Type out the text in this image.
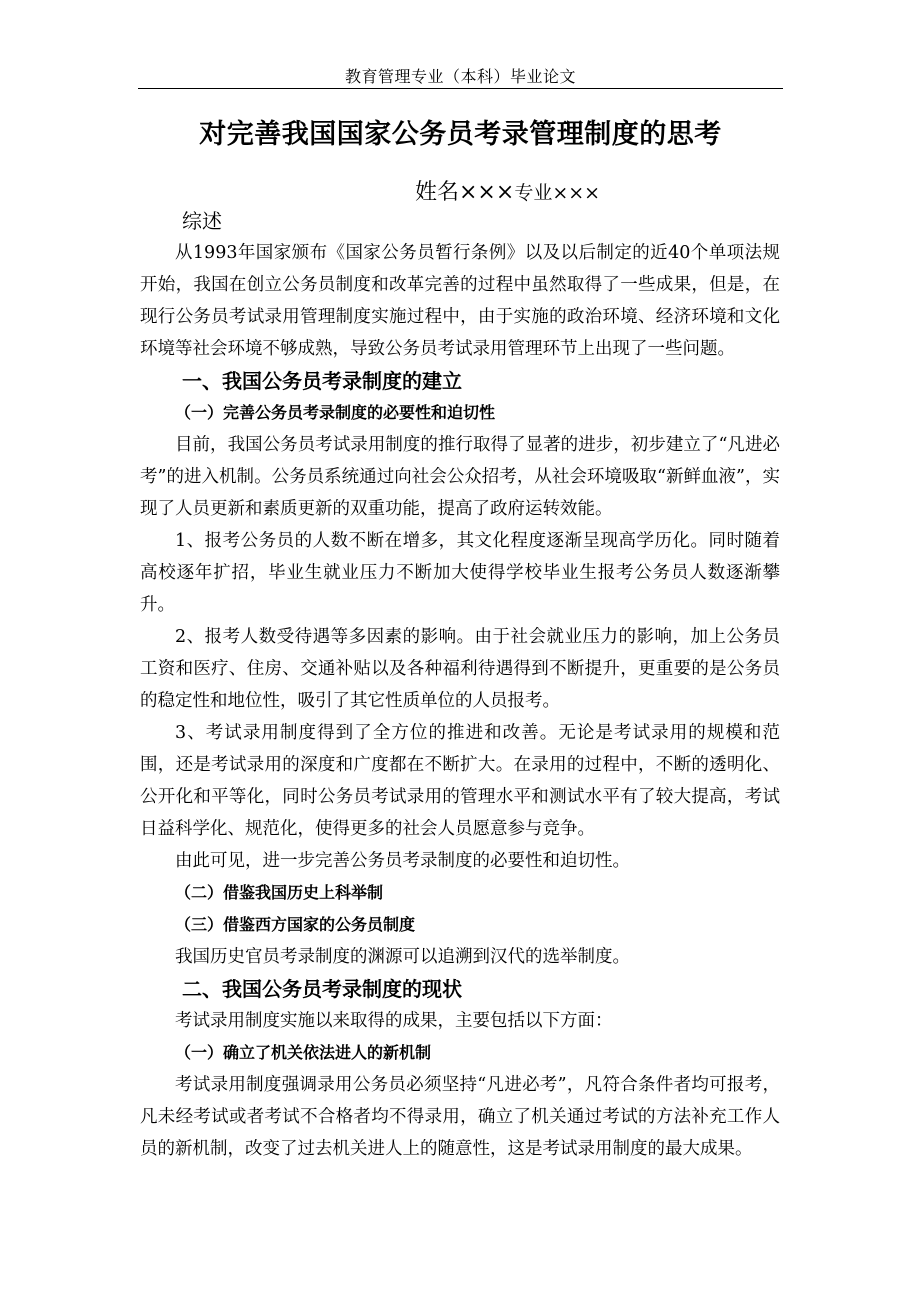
教育管理专业（本科）毕业论文
对完善我国国家公务员考录管理制度的思考
姓名×××专业×××

综述

从1993年国家颁布《国家公务员暂行条例》以及以后制定的近40个单项法规开始，我国在创立公务员制度和改革完善的过程中虽然取得了一些成果，但是，在现行公务员考试录用管理制度实施过程中，由于实施的政治环境、经济环境和文化环境等社会环境不够成熟，导致公务员考试录用管理环节上出现了一些问题。

一、我国公务员考录制度的建立

（一）完善公务员考录制度的必要性和迫切性

目前，我国公务员考试录用制度的推行取得了显著的进步，初步建立了“凡进必考”的进入机制。公务员系统通过向社会公众招考，从社会环境吸取“新鲜血液”，实现了人员更新和素质更新的双重功能，提高了政府运转效能。

1、报考公务员的人数不断在增多，其文化程度逐渐呈现高学历化。同时随着高校逐年扩招，毕业生就业压力不断加大使得学校毕业生报考公务员人数逐渐攀升。

2、报考人数受待遇等多因素的影响。由于社会就业压力的影响，加上公务员工资和医疗、住房、交通补贴以及各种福利待遇得到不断提升，更重要的是公务员的稳定性和地位性，吸引了其它性质单位的人员报考。

3、考试录用制度得到了全方位的推进和改善。无论是考试录用的规模和范围，还是考试录用的深度和广度都在不断扩大。在录用的过程中，不断的透明化、公开化和平等化，同时公务员考试录用的管理水平和测试水平有了较大提高，考试日益科学化、规范化，使得更多的社会人员愿意参与竞争。

由此可见，进一步完善公务员考录制度的必要性和迫切性。

（二）借鉴我国历史上科举制

（三）借鉴西方国家的公务员制度

我国历史官员考录制度的渊源可以追溯到汉代的选举制度。

二、我国公务员考录制度的现状

考试录用制度实施以来取得的成果，主要包括以下方面：

（一）确立了机关依法进人的新机制

考试录用制度强调录用公务员必须坚持“凡进必考”，凡符合条件者均可报考，凡未经考试或者考试不合格者均不得录用，确立了机关通过考试的方法补充工作人员的新机制，改变了过去机关进人上的随意性，这是考试录用制度的最大成果。
